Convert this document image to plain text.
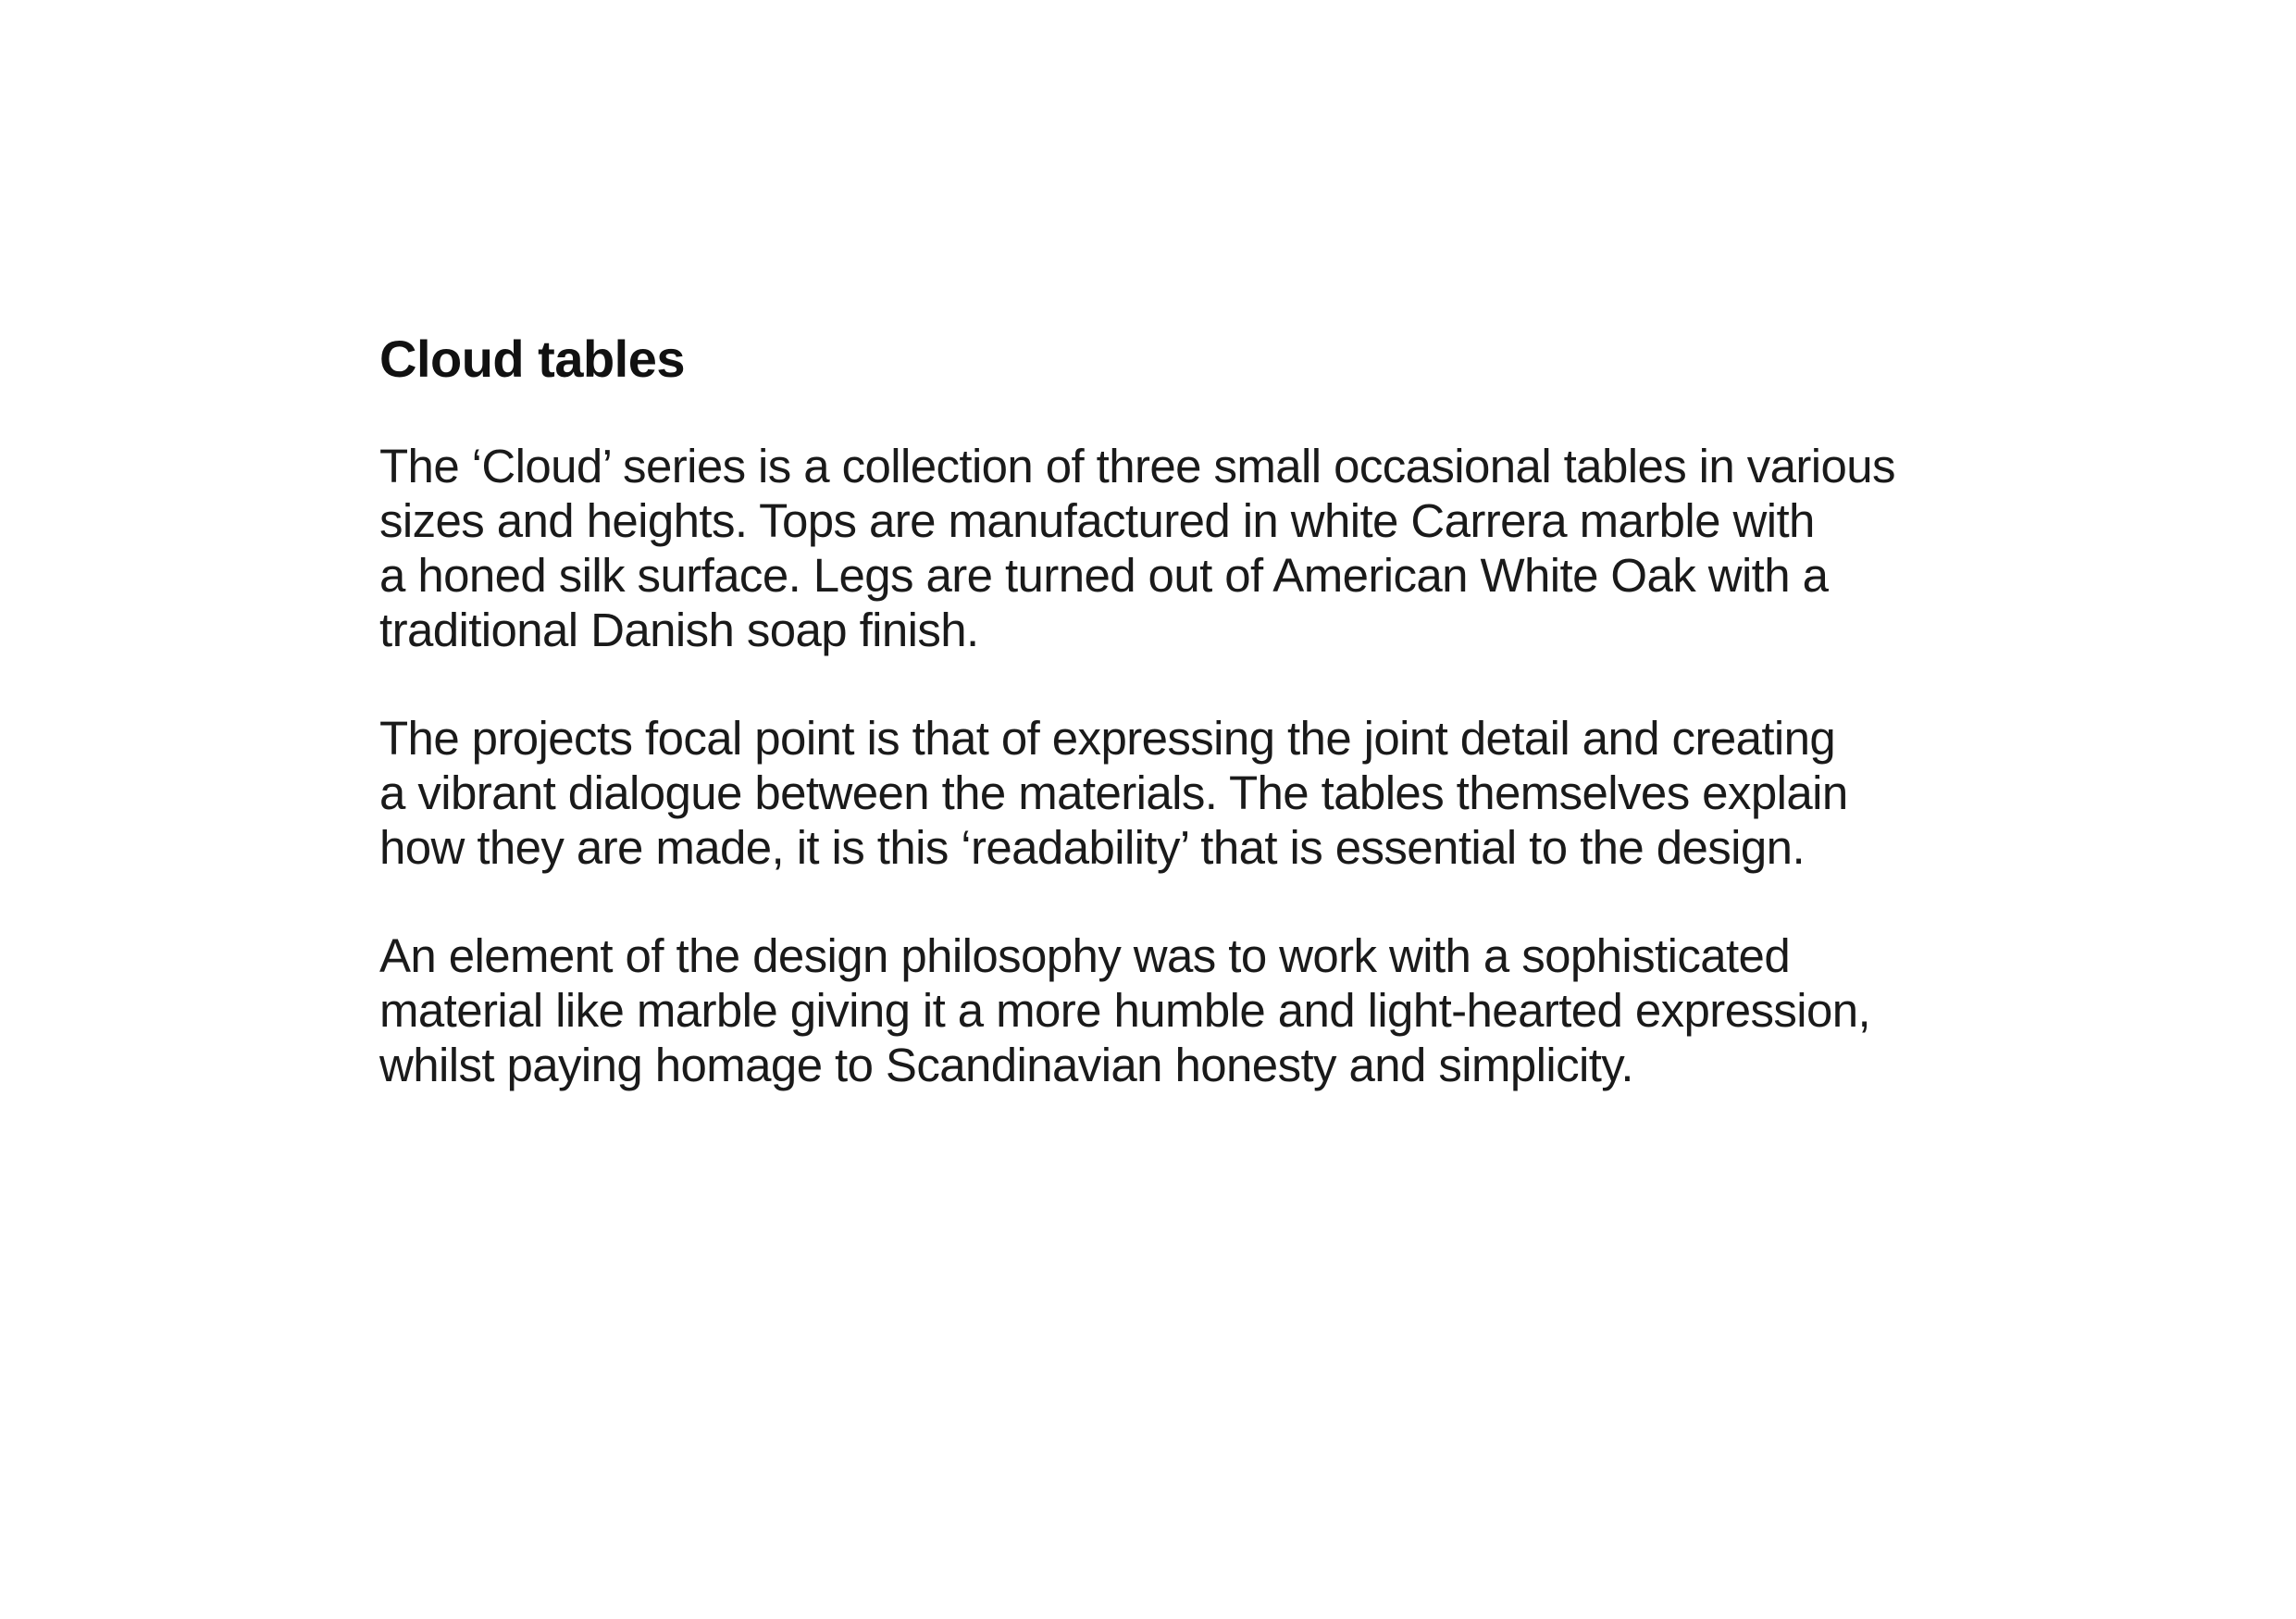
Cloud tables

The ‘Cloud’ series is a collection of three small occasional tables in various
sizes and heights. Tops are manufactured in white Carrera marble with
a honed silk surface. Legs are turned out of American White Oak with a
traditional Danish soap finish.

The projects focal point is that of expressing the joint detail and creating
a vibrant dialogue between the materials. The tables themselves explain
how they are made, it is this ‘readability’ that is essential to the design.

An element of the design philosophy was to work with a sophisticated
material like marble giving it a more humble and light-hearted expression,
whilst paying homage to Scandinavian honesty and simplicity.
